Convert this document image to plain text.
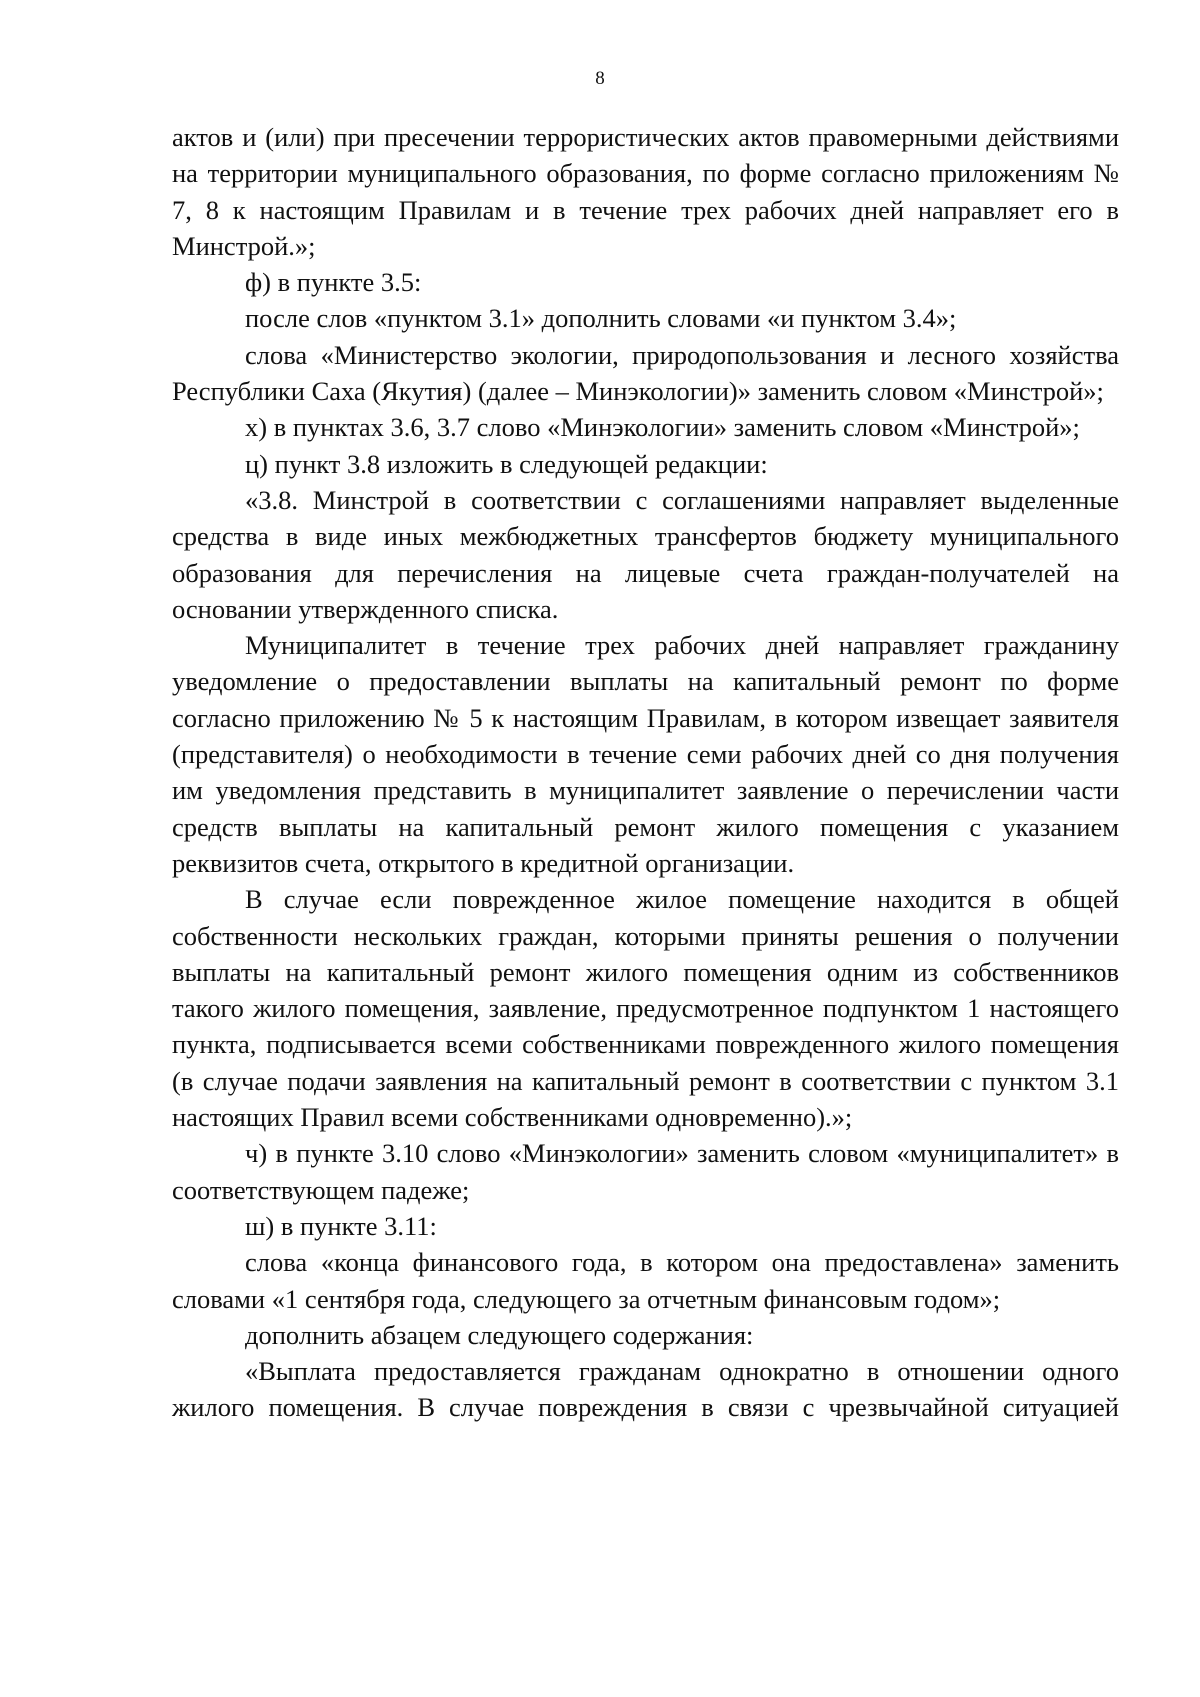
8

актов и (или) при пресечении террористических актов правомерными действиями на территории муниципального образования, по форме согласно приложениям № 7, 8 к настоящим Правилам и в течение трех рабочих дней направляет его в Минстрой.»;

ф) в пункте 3.5:

после слов «пунктом 3.1» дополнить словами «и пунктом 3.4»;

слова «Министерство экологии, природопользования и лесного хозяйства Республики Саха (Якутия) (далее – Минэкологии)» заменить словом «Минстрой»;

х) в пунктах 3.6, 3.7 слово «Минэкологии» заменить словом «Минстрой»;

ц) пункт 3.8 изложить в следующей редакции:

«3.8. Минстрой в соответствии с соглашениями направляет выделенные средства в виде иных межбюджетных трансфертов бюджету муниципального образования для перечисления на лицевые счета граждан-получателей на основании утвержденного списка.

Муниципалитет в течение трех рабочих дней направляет гражданину уведомление о предоставлении выплаты на капитальный ремонт по форме согласно приложению № 5 к настоящим Правилам, в котором извещает заявителя (представителя) о необходимости в течение семи рабочих дней со дня получения им уведомления представить в муниципалитет заявление о перечислении части средств выплаты на капитальный ремонт жилого помещения с указанием реквизитов счета, открытого в кредитной организации.

В случае если поврежденное жилое помещение находится в общей собственности нескольких граждан, которыми приняты решения о получении выплаты на капитальный ремонт жилого помещения одним из собственников такого жилого помещения, заявление, предусмотренное подпунктом 1 настоящего пункта, подписывается всеми собственниками поврежденного жилого помещения (в случае подачи заявления на капитальный ремонт в соответствии с пунктом 3.1 настоящих Правил всеми собственниками одновременно).»;

ч) в пункте 3.10 слово «Минэкологии» заменить словом «муниципалитет» в соответствующем падеже;

ш) в пункте 3.11:

слова «конца финансового года, в котором она предоставлена» заменить словами «1 сентября года, следующего за отчетным финансовым годом»;

дополнить абзацем следующего содержания:

«Выплата предоставляется гражданам однократно в отношении одного жилого помещения. В случае повреждения в связи с чрезвычайной ситуацией
